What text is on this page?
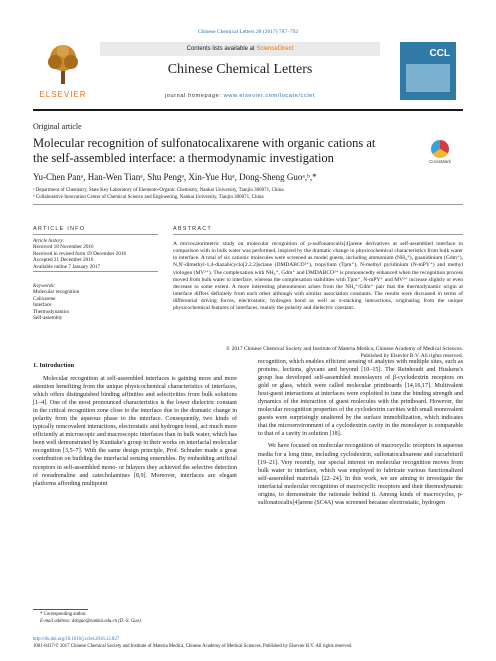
Chinese Chemical Letters 28 (2017) 787–792
ELSEVIER
Contents lists available at ScienceDirect
Chinese Chemical Letters
journal homepage: www.elsevier.com/locate/cclet
CCL
Original article
Molecular recognition of sulfonatocalixarene with organic cations at the self-assembled interface: a thermodynamic investigation	CrossMark
Yu-Chen Panᵃ, Han-Wen Tianᵃ, Shu Pengᵃ, Xin-Yue Huᵃ, Dong-Sheng Guoᵃ,ᵇ,*
ᵃ Department of Chemistry, State Key Laboratory of Elemento-Organic Chemistry, Nankai University, Tianjin 300071, China
ᵇ Collaborative Innovation Center of Chemical Science and Engineering, Nankai University, Tianjin 300071, China
ARTICLE INFO
Article history:
Received 18 November 2016
Received in revised form 19 December 2016
Accepted 21 December 2016
Available online 7 January 2017
Keywords:
Molecular recognition
Calixarene
Interface
Thermodynamics
Self-assembly
ABSTRACT
A microcalorimetric study on molecular recognition of p-sulfonatocalix[4]arene derivatives at self-assembled interface in comparison with in bulk water was performed, inspired by the dramatic change in physicochemical characteristics from bulk water to interface. A total of six cationic molecules were screened as model guests, including ammonium (NH₄⁺), guanidinium (Gdm⁺), N,N'-dimethyl-1,4-diazabicyclo[2.2.2]octane (DMDABCO²⁺), tropylium (Tpm⁺), N-methyl pyridinium (N-mPY⁺) and methyl viologen (MV²⁺). The complexation with NH₄⁺, Gdm⁺ and DMDABCO²⁺ is pronouncedly enhanced when the recognition process moved from bulk water to interface, whereas the complexation stabilities with Tpm⁺, N-mPY⁺ and MV²⁺ increase slightly or even decrease to some extent. A more interesting phenomenon arises from the NH₄⁺/Gdm⁺ pair that the thermodynamic origin at interface differs definitely from each other although with similar association constants. The results were discussed in terms of differential driving forces, electrostatic, hydrogen bond as well as π-stacking interactions, originating from the unique physicochemical features of interfaces, mainly the polarity and dielectric constant.
© 2017 Chinese Chemical Society and Institute of Materia Medica, Chinese Academy of Medical Sciences.
Published by Elsevier B.V. All rights reserved.
1. Introduction

Molecular recognition at self-assembled interfaces is gaining more and more attention benefiting from the unique physicochemical characteristics of interfaces, which offers distinguished binding affinities and selectivities from bulk solutions [1–4]. One of the most pronounced characteristics is the lower dielectric constant in the critical recognition zone close to the interface due to the dramatic change in polarity from the aqueous phase to the interface. Consequently, two kinds of typically noncovalent interactions, electrostatic and hydrogen bond, act much more efficiently at microscopic and macroscopic interfaces than in bulk water, which has been well demonstrated by Kunitake's group in their works on interfacial molecular recognition [3,5–7]. With the same design principle, Prof. Schrader made a great contribution on building the interfacial sensing ensembles. By embedding artificial receptors in self-assembled mono- or bilayers they achieved the selective detection of noradrenaline and catecholamines [8,9]. Moreover, interfaces are elegant platforms affording multipoint

recognition, which enables efficient sensing of analytes with multiple sites, such as proteins, lections, glycans and beyond [10–15]. The Reinhoudt and Huskens's group has developed self-assembled monolayers of β-cyclodextrin receptors on gold or glass, which were called molecular printboards [14,16,17]. Multivalent host-guest interactions at interfaces were exploited to tune the binding strength and dynamics of the interaction of guest molecules with the printboard. However, the molecular recognition properties of the cyclodextrin cavities with small monovalent guests were surprisingly unaltered by the surface immobilization, which indicates that the microenvironment of a cyclodextrin cavity in the monolayer is comparable to that of a cavity in solution [18].

We have focused on molecular recognition of macrocyclic receptors in aqueous media for a long time, including cyclodextrin, sulfonatocalixarene and cucurbituril [19–21]. Very recently, our special interest on molecular recognition moves from bulk water to interface, which was employed to fabricate various functionalized self-assembled materials [22–24]. In this work, we are aiming to investigate the interfacial molecular recognition of macrocyclic receptors and their thermodynamic origins, to demonstrate the rationale behind it. Among kinds of macrocycles, p-sulfonatocalix[4]arene (SC4A) was screened because electrostatic, hydrogen

* Corresponding author.
E-mail address: dshguo@nankai.edu.cn (D.-S. Guo).
http://dx.doi.org/10.1016/j.cclet.2016.12.027
1001-8417/© 2017 Chinese Chemical Society and Institute of Materia Medica, Chinese Academy of Medical Sciences. Published by Elsevier B.V. All rights reserved.
